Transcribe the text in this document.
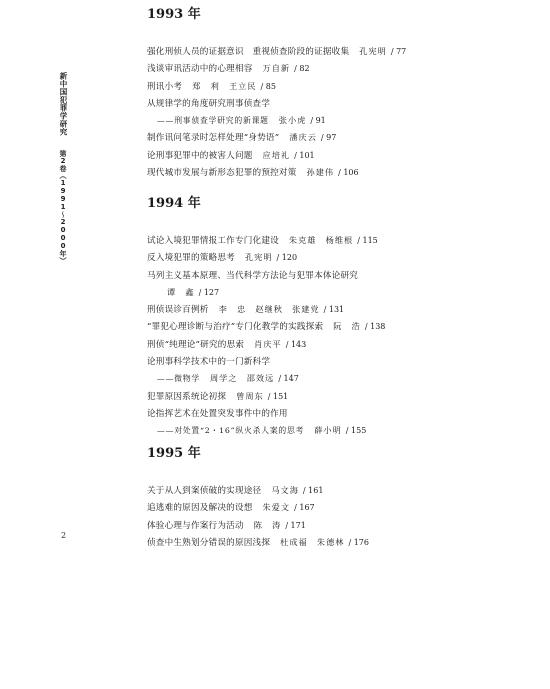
新中国犯罪学研究
第2卷（1991～2000年）
2
1993 年
强化刑侦人员的证据意识　重视侦查阶段的证据收集 孔宪明 / 77
浅谈审讯活动中的心理相容 万自新 / 82
刑讯小考 郑　利　王立民 / 85
从规律学的角度研究刑事侦查学
——刑事侦查学研究的新课题 张小虎 / 91
制作讯问笔录时怎样处理“身势语” 潘庆云 / 97
论刑事犯罪中的被害人问题 应培礼 / 101
现代城市发展与新形态犯罪的预控对策 孙建伟 / 106
1994 年
试论入境犯罪情报工作专门化建设 朱克雄　杨维根 / 115
反入境犯罪的策略思考 孔宪明 / 120
马列主义基本原理、当代科学方法论与犯罪本体论研究
谭　鑫 / 127
刑侦误诊百例析 李　忠　赵继秋　张建党 / 131
“罪犯心理诊断与治疗”专门化教学的实践探索 阮　浩 / 138
刑侦“纯理论”研究的思索 肖庆平 / 143
论刑事科学技术中的一门新科学
——微物学 周学之　邵效远 / 147
犯罪原因系统论初探 曾周东 / 151
论指挥艺术在处置突发事件中的作用
——对处置“2・16”纵火杀人案的思考 薛小明 / 155
1995 年
关于从人到案侦破的实现途径 马文海 / 161
追逃难的原因及解决的设想 朱爱文 / 167
体验心理与作案行为活动 陈　涛 / 171
侦查中生熟划分错误的原因浅探 杜成福　朱德林 / 176
